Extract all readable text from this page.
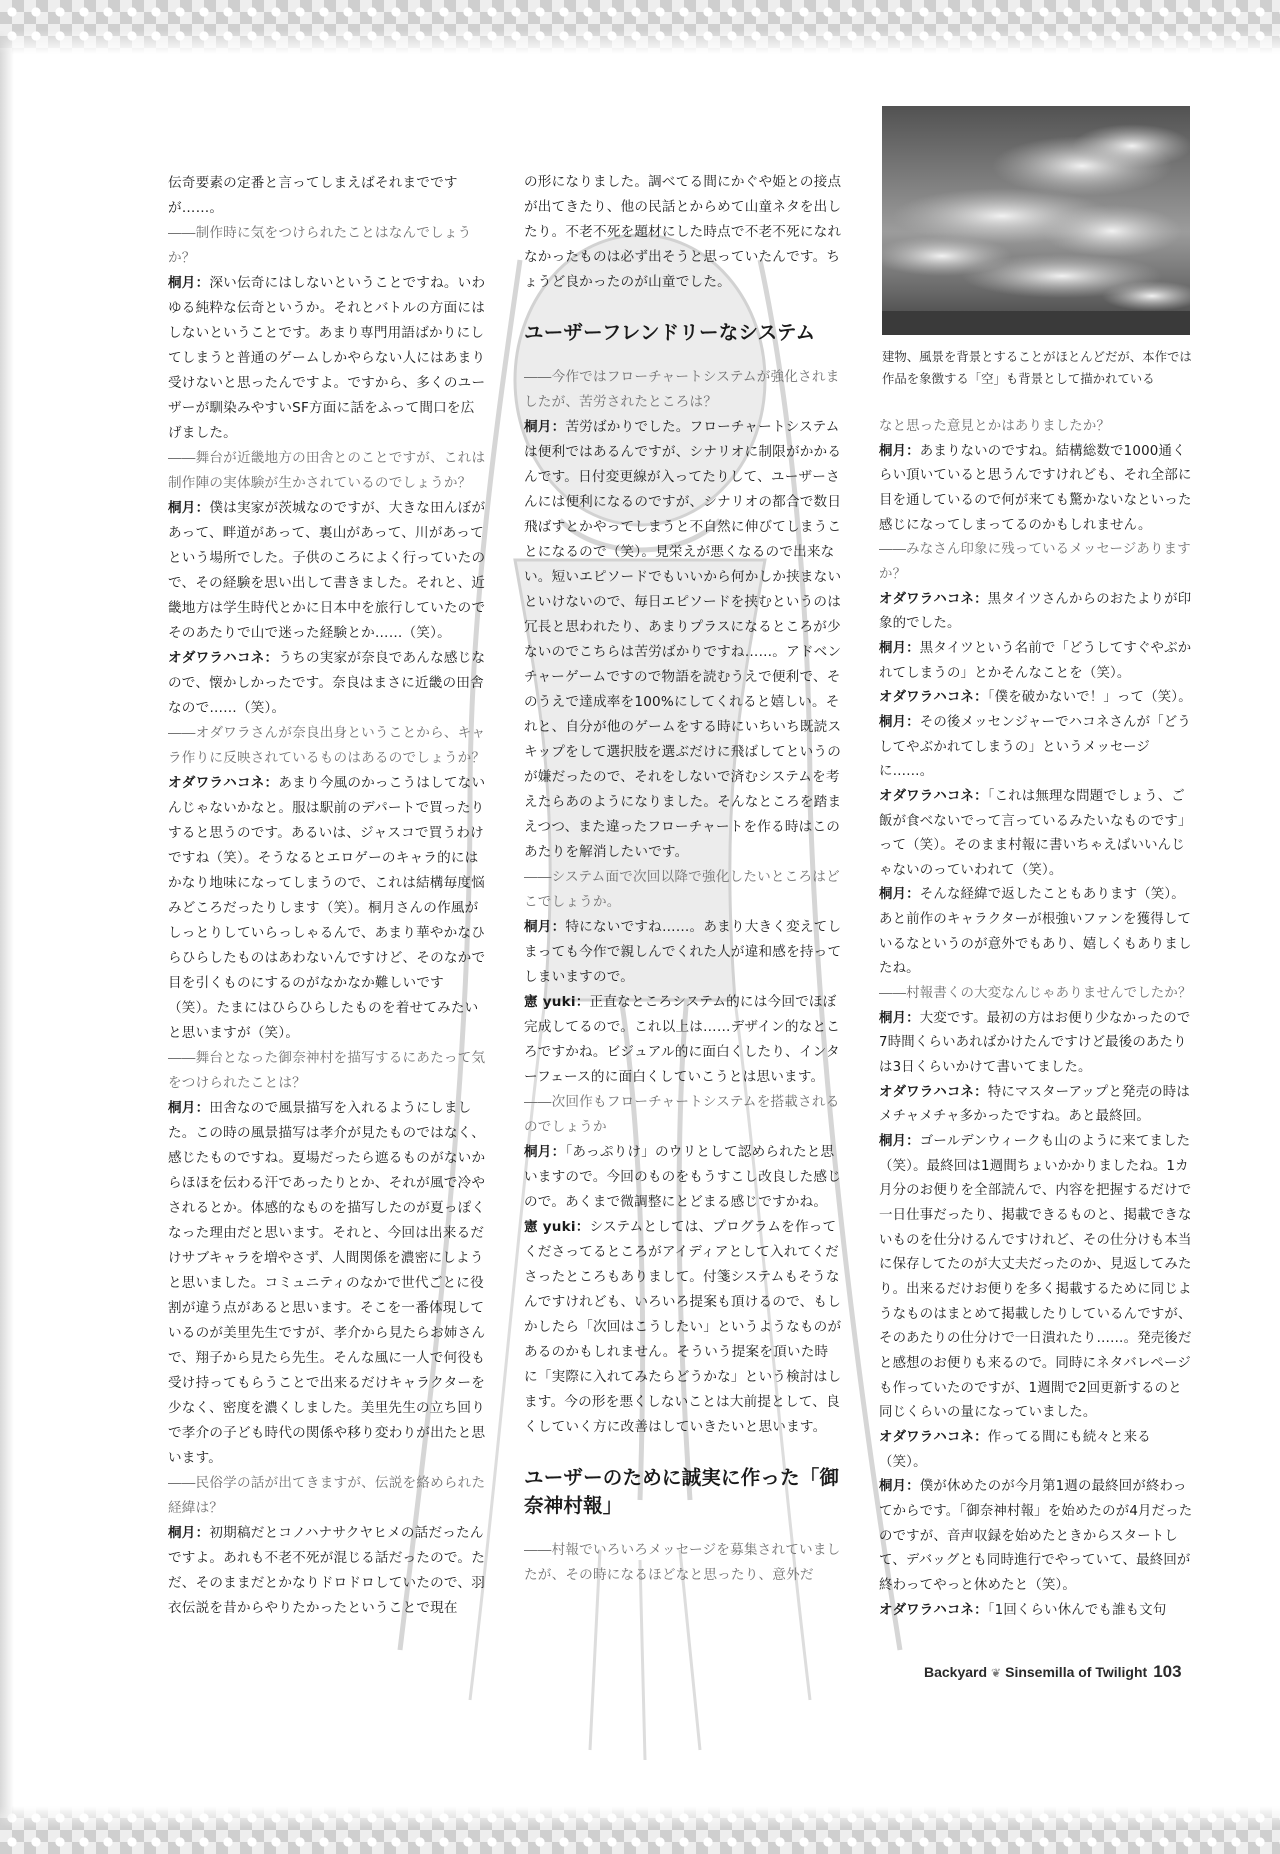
伝奇要素の定番と言ってしまえばそれまでですが……。

――制作時に気をつけられたことはなんでしょうか？

桐月：深い伝奇にはしないということですね。いわゆる純粋な伝奇というか。それとバトルの方面にはしないということです。あまり専門用語ばかりにしてしまうと普通のゲームしかやらない人にはあまり受けないと思ったんですよ。ですから、多くのユーザーが馴染みやすいSF方面に話をふって間口を広げました。

――舞台が近畿地方の田舎とのことですが、これは制作陣の実体験が生かされているのでしょうか？

桐月：僕は実家が茨城なのですが、大きな田んぼがあって、畔道があって、裏山があって、川があってという場所でした。子供のころによく行っていたので、その経験を思い出して書きました。それと、近畿地方は学生時代とかに日本中を旅行していたのでそのあたりで山で迷った経験とか……（笑）。

オダワラハコネ：うちの実家が奈良であんな感じなので、懐かしかったです。奈良はまさに近畿の田舎なので……（笑）。

――オダワラさんが奈良出身ということから、キャラ作りに反映されているものはあるのでしょうか？

オダワラハコネ：あまり今風のかっこうはしてないんじゃないかなと。服は駅前のデパートで買ったりすると思うのです。あるいは、ジャスコで買うわけですね（笑）。そうなるとエロゲーのキャラ的にはかなり地味になってしまうので、これは結構毎度悩みどころだったりします（笑）。桐月さんの作風がしっとりしていらっしゃるんで、あまり華やかなひらひらしたものはあわないんですけど、そのなかで目を引くものにするのがなかなか難しいです（笑）。たまにはひらひらしたものを着せてみたいと思いますが（笑）。

――舞台となった御奈神村を描写するにあたって気をつけられたことは？

桐月：田舎なので風景描写を入れるようにしました。この時の風景描写は孝介が見たものではなく、感じたものですね。夏場だったら遮るものがないからほほを伝わる汗であったりとか、それが風で冷やされるとか。体感的なものを描写したのが夏っぽくなった理由だと思います。それと、今回は出来るだけサブキャラを増やさず、人間関係を濃密にしようと思いました。コミュニティのなかで世代ごとに役割が違う点があると思います。そこを一番体現しているのが美里先生ですが、孝介から見たらお姉さんで、翔子から見たら先生。そんな風に一人で何役も受け持ってもらうことで出来るだけキャラクターを少なく、密度を濃くしました。美里先生の立ち回りで孝介の子ども時代の関係や移り変わりが出たと思います。

――民俗学の話が出てきますが、伝説を絡められた経緯は？

桐月：初期稿だとコノハナサクヤヒメの話だったんですよ。あれも不老不死が混じる話だったので。ただ、そのままだとかなりドロドロしていたので、羽衣伝説を昔からやりたかったということで現在

の形になりました。調べてる間にかぐや姫との接点が出てきたり、他の民話とからめて山童ネタを出したり。不老不死を題材にした時点で不老不死になれなかったものは必ず出そうと思っていたんです。ちょうど良かったのが山童でした。

ユーザーフレンドリーなシステム

――今作ではフローチャートシステムが強化されましたが、苦労されたところは？

桐月：苦労ばかりでした。フローチャートシステムは便利ではあるんですが、シナリオに制限がかかるんです。日付変更線が入ってたりして、ユーザーさんには便利になるのですが、シナリオの都合で数日飛ばすとかやってしまうと不自然に伸びてしまうことになるので（笑）。見栄えが悪くなるので出来ない。短いエピソードでもいいから何かしか挟まないといけないので、毎日エピソードを挟むというのは冗長と思われたり、あまりプラスになるところが少ないのでこちらは苦労ばかりですね……。アドベンチャーゲームですので物語を読むうえで便利で、そのうえで達成率を100%にしてくれると嬉しい。それと、自分が他のゲームをする時にいちいち既読スキップをして選択肢を選ぶだけに飛ばしてというのが嫌だったので、それをしないで済むシステムを考えたらあのようになりました。そんなところを踏まえつつ、また違ったフローチャートを作る時はこのあたりを解消したいです。

――システム面で次回以降で強化したいところはどこでしょうか。

桐月：特にないですね……。あまり大きく変えてしまっても今作で親しんでくれた人が違和感を持ってしまいますので。

憲 yuki：正直なところシステム的には今回でほぼ完成してるので。これ以上は……デザイン的なところですかね。ビジュアル的に面白くしたり、インターフェース的に面白くしていこうとは思います。

――次回作もフローチャートシステムを搭載されるのでしょうか

桐月：「あっぷりけ」のウリとして認められたと思いますので。今回のものをもうすこし改良した感じので。あくまで微調整にとどまる感じですかね。

憲 yuki：システムとしては、プログラムを作ってくださってるところがアイディアとして入れてくださったところもありまして。付箋システムもそうなんですけれども、いろいろ提案も頂けるので、もしかしたら「次回はこうしたい」というようなものがあるのかもしれません。そういう提案を頂いた時に「実際に入れてみたらどうかな」という検討はします。今の形を悪くしないことは大前提として、良くしていく方に改善はしていきたいと思います。

ユーザーのために誠実に作った「御奈神村報」

――村報でいろいろメッセージを募集されていましたが、その時になるほどなと思ったり、意外だ

建物、風景を背景とすることがほとんどだが、本作では作品を象徴する「空」も背景として描かれている

なと思った意見とかはありましたか？

桐月：あまりないのですね。結構総数で1000通くらい頂いていると思うんですけれども、それ全部に目を通しているので何が来ても驚かないなといった感じになってしまってるのかもしれません。

――みなさん印象に残っているメッセージありますか？

オダワラハコネ：黒タイツさんからのおたよりが印象的でした。

桐月：黒タイツという名前で「どうしてすぐやぶかれてしまうの」とかそんなことを（笑）。

オダワラハコネ：「僕を破かないで！」って（笑）。

桐月：その後メッセンジャーでハコネさんが「どうしてやぶかれてしまうの」というメッセージに……。

オダワラハコネ：「これは無理な問題でしょう、ご飯が食べないでって言っているみたいなものです」って（笑）。そのまま村報に書いちゃえばいいんじゃないのっていわれて（笑）。

桐月：そんな経緯で返したこともあります（笑）。あと前作のキャラクターが根強いファンを獲得しているなというのが意外でもあり、嬉しくもありましたね。

――村報書くの大変なんじゃありませんでしたか？

桐月：大変です。最初の方はお便り少なかったので7時間くらいあればかけたんですけど最後のあたりは3日くらいかけて書いてました。

オダワラハコネ：特にマスターアップと発売の時はメチャメチャ多かったですね。あと最終回。

桐月：ゴールデンウィークも山のように来てました（笑）。最終回は1週間ちょいかかりましたね。1カ月分のお便りを全部読んで、内容を把握するだけで一日仕事だったり、掲載できるものと、掲載できないものを仕分けるんですけれど、その仕分けも本当に保存してたのが大丈夫だったのか、見返してみたり。出来るだけお便りを多く掲載するために同じようなものはまとめて掲載したりしているんですが、そのあたりの仕分けで一日潰れたり……。発売後だと感想のお便りも来るので。同時にネタバレページも作っていたのですが、1週間で2回更新するのと同じくらいの量になっていました。

オダワラハコネ：作ってる間にも続々と来る（笑）。

桐月：僕が休めたのが今月第1週の最終回が終わってからです。「御奈神村報」を始めたのが4月だったのですが、音声収録を始めたときからスタートして、デバッグとも同時進行でやっていて、最終回が終わってやっと休めたと（笑）。

オダワラハコネ：「1回くらい休んでも誰も文句

Backyard ❦ Sinsemilla of Twilight 103
